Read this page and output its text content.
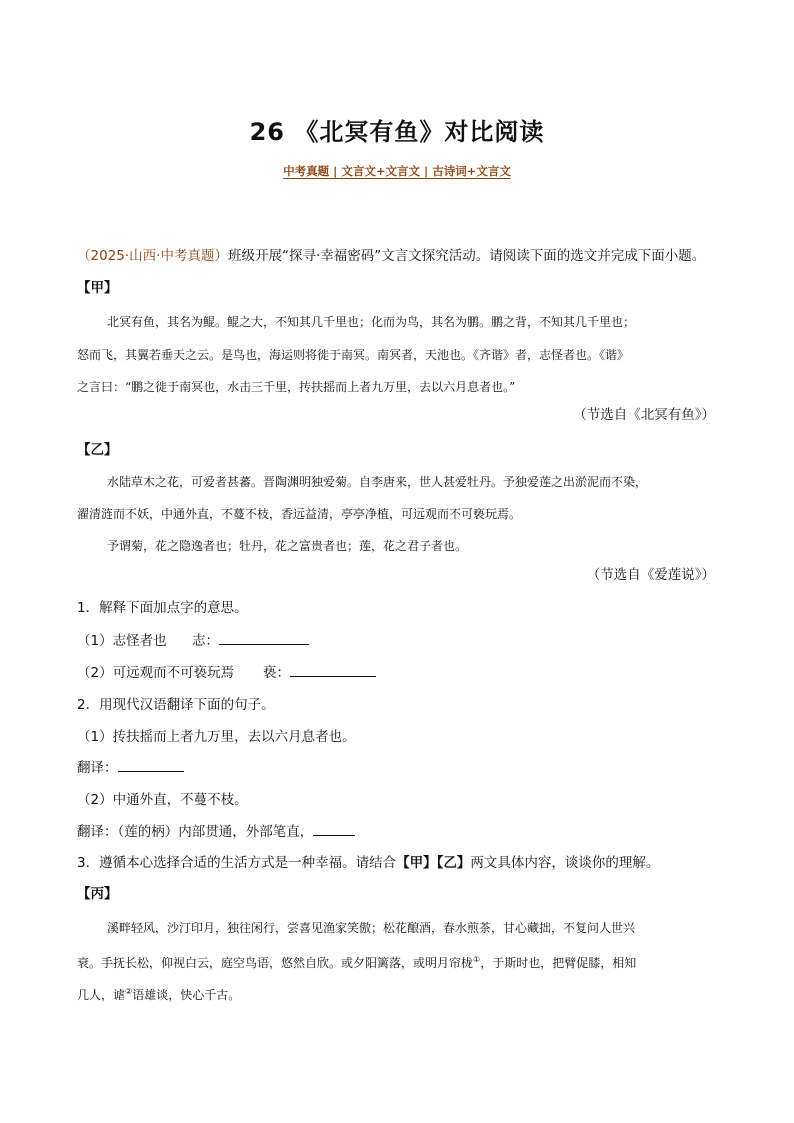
26 《北冥有鱼》对比阅读
中考真题 | 文言文+文言文 | 古诗词+文言文
（2025·山西·中考真题）班级开展“探寻·幸福密码”文言文探究活动。请阅读下面的选文并完成下面小题。
【甲】
北冥有鱼，其名为鲲。鲲之大，不知其几千里也；化而为鸟，其名为鹏。鹏之背，不知其几千里也；
怒而飞，其翼若垂天之云。是鸟也，海运则将徙于南冥。南冥者，天池也。《齐谐》者，志怪者也。《谐》
之言曰：“鹏之徙于南冥也，水击三千里，抟扶摇而上者九万里，去以六月息者也。”
（节选自《北冥有鱼》）
【乙】
水陆草木之花，可爱者甚蕃。晋陶渊明独爱菊。自李唐来，世人甚爱牡丹。予独爱莲之出淤泥而不染，
濯清涟而不妖，中通外直，不蔓不枝，香远益清，亭亭净植，可远观而不可亵玩焉。
予谓菊，花之隐逸者也；牡丹，花之富贵者也；莲，花之君子者也。
（节选自《爱莲说》）
1．解释下面加点字的意思。
（1）志怪者也 志：
（2）可远观而不可亵玩焉 亵：
2．用现代汉语翻译下面的句子。
（1）抟扶摇而上者九万里，去以六月息者也。
翻译：
（2）中通外直，不蔓不枝。
翻译：（莲的柄）内部贯通，外部笔直，
3．遵循本心选择合适的生活方式是一种幸福。请结合【甲】【乙】两文具体内容，谈谈你的理解。
【丙】
溪畔轻风，沙汀印月，独往闲行，尝喜见渔家笑傲；松花酿酒，春水煎茶，甘心藏拙，不复问人世兴
衰。手抚长松，仰视白云，庭空鸟语，悠然自欣。或夕阳篱落，或明月帘栊①，于斯时也，把臂促膝，相知
几人，谑②语雄谈，快心千古。
